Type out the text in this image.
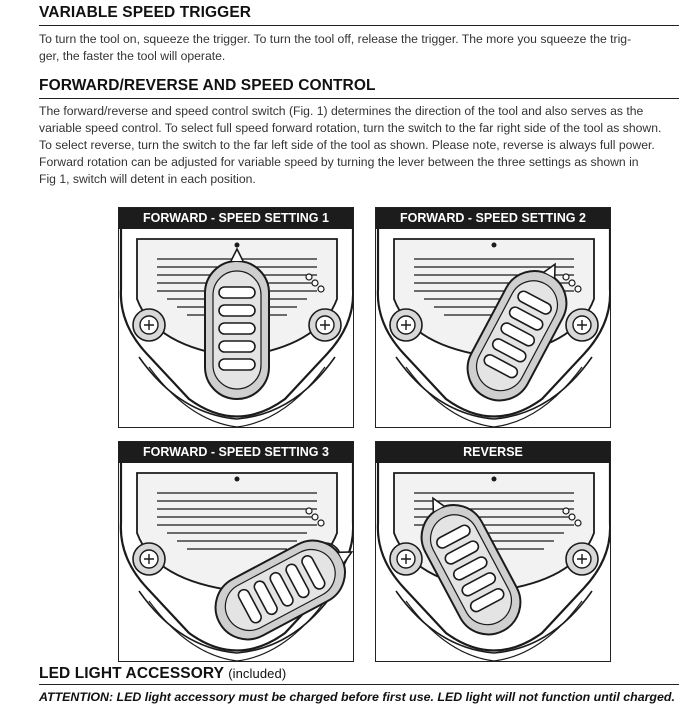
VARIABLE SPEED TRIGGER
To turn the tool on, squeeze the trigger. To turn the tool off, release the trigger. The more you squeeze the trig-
ger, the faster the tool will operate.
FORWARD/REVERSE AND SPEED CONTROL
The forward/reverse and speed control switch (Fig. 1) determines the direction of the tool and also serves as the
variable speed control. To select full speed forward rotation, turn the switch to the far right side of the tool as shown.
To select reverse, turn the switch to the far left side of the tool as shown. Please note, reverse is always full power.
Forward rotation can be adjusted for variable speed by turning the lever between the three settings as shown in
Fig 1, switch will detent in each position.
FORWARD - SPEED SETTING 1	FORWARD - SPEED SETTING 2
FORWARD - SPEED SETTING 3	REVERSE
LED LIGHT ACCESSORY (included)
ATTENTION: LED light accessory must be charged before first use. LED light will not function until charged.
